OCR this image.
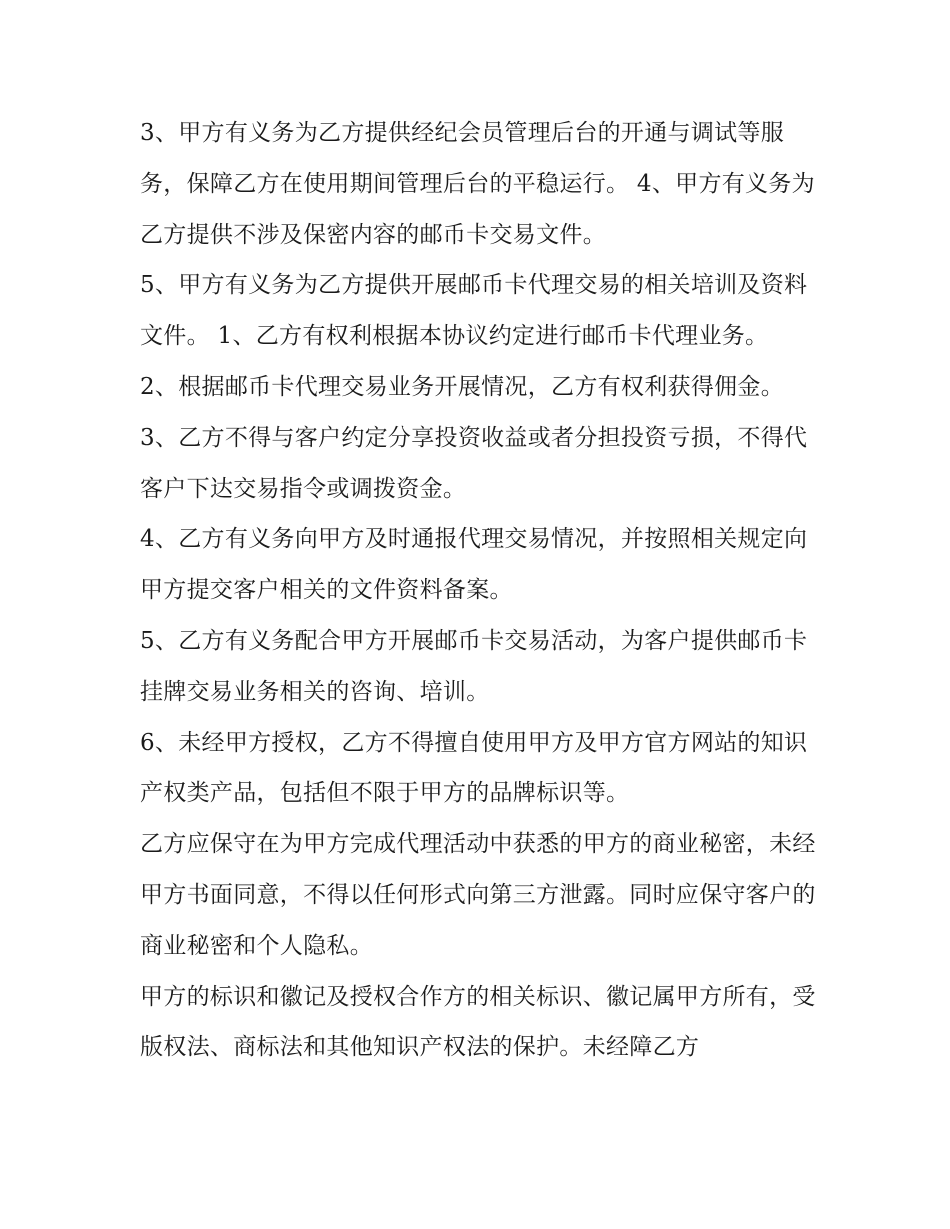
3、甲方有义务为乙方提供经纪会员管理后台的开通与调试等服务，保障乙方在使用期间管理后台的平稳运行。 4、甲方有义务为乙方提供不涉及保密内容的邮币卡交易文件。

5、甲方有义务为乙方提供开展邮币卡代理交易的相关培训及资料文件。 1、乙方有权利根据本协议约定进行邮币卡代理业务。

2、根据邮币卡代理交易业务开展情况，乙方有权利获得佣金。 3、乙方不得与客户约定分享投资收益或者分担投资亏损，不得代客户下达交易指令或调拨资金。

4、乙方有义务向甲方及时通报代理交易情况，并按照相关规定向甲方提交客户相关的文件资料备案。

5、乙方有义务配合甲方开展邮币卡交易活动，为客户提供邮币卡挂牌交易业务相关的咨询、培训。

6、未经甲方授权，乙方不得擅自使用甲方及甲方官方网站的知识产权类产品，包括但不限于甲方的品牌标识等。

乙方应保守在为甲方完成代理活动中获悉的甲方的商业秘密，未经甲方书面同意，不得以任何形式向第三方泄露。同时应保守客户的商业秘密和个人隐私。

甲方的标识和徽记及授权合作方的相关标识、徽记属甲方所有，受版权法、商标法和其他知识产权法的保护。未经障乙方
